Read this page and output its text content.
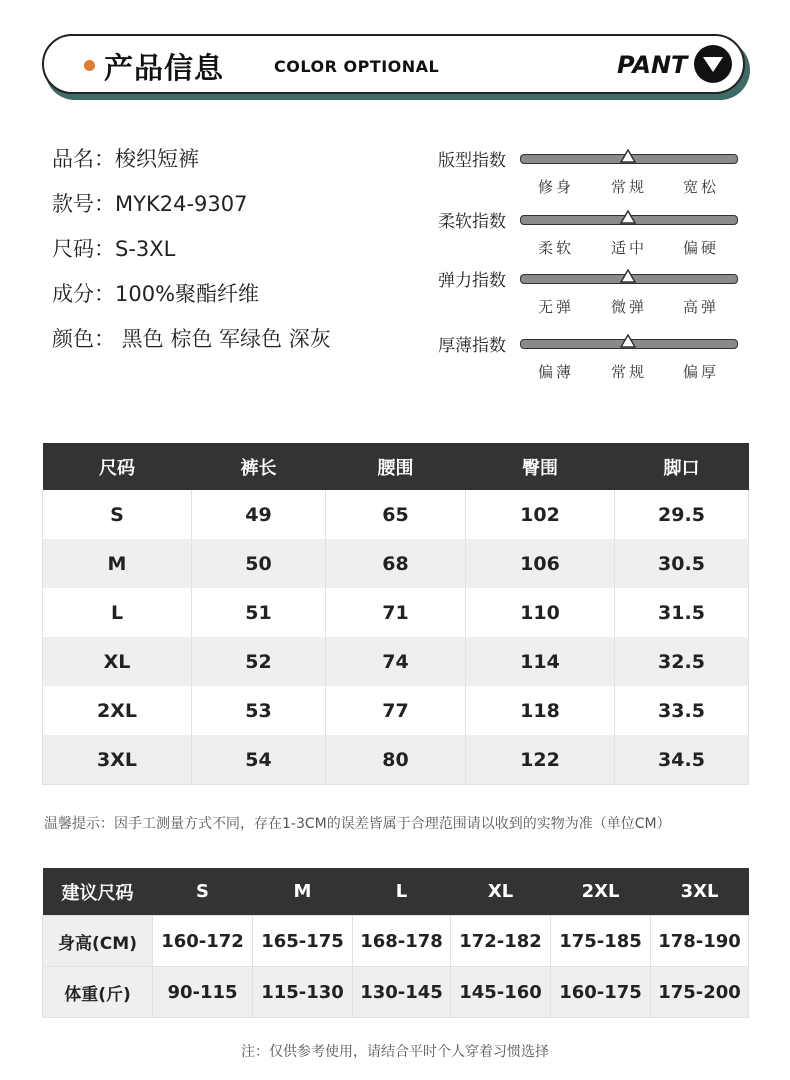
产品信息	COLOR OPTIONAL	PANT
品名：梭织短裤
款号：MYK24-9307
尺码：S-3XL
成分：100%聚酯纤维
颜色： 黑色 棕色 军绿色 深灰
版型指数
修身 常规 宽松
柔软指数
柔软 适中 偏硬
弹力指数
无弹 微弹 高弹
厚薄指数
偏薄 常规 偏厚
尺码	裤长	腰围	臀围	脚口
S	49	65	102	29.5
M	50	68	106	30.5
L	51	71	110	31.5
XL	52	74	114	32.5
2XL	53	77	118	33.5
3XL	54	80	122	34.5
温馨提示：因手工测量方式不同，存在1-3CM的误差皆属于合理范围请以收到的实物为准（单位CM）
建议尺码	S	M	L	XL	2XL	3XL
身高(CM)	160-172	165-175	168-178	172-182	175-185	178-190
体重(斤)	90-115	115-130	130-145	145-160	160-175	175-200
注：仅供参考使用，请结合平时个人穿着习惯选择
